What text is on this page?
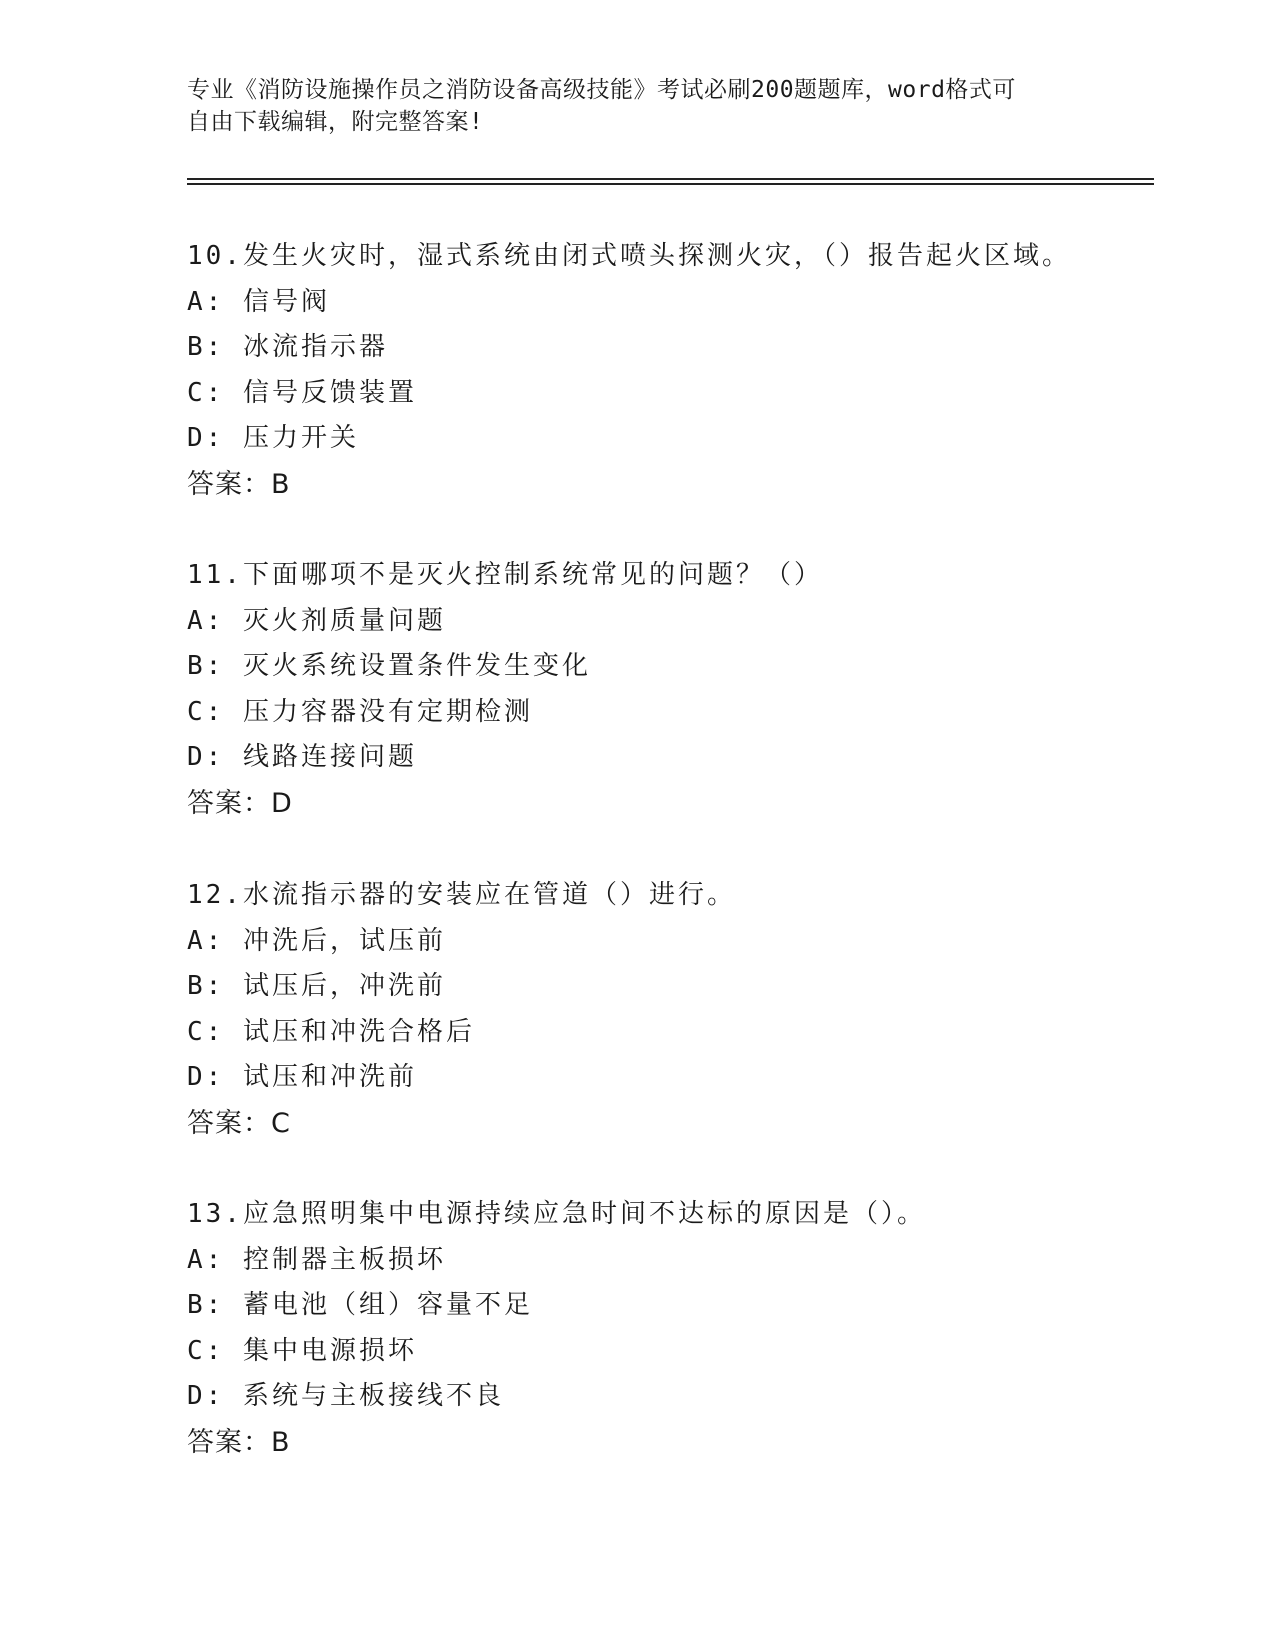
专业《消防设施操作员之消防设备高级技能》考试必刷200题题库，word格式可
自由下载编辑，附完整答案!
10.发生火灾时，湿式系统由闭式喷头探测火灾，（）报告起火区域。
A: 信号阀
B: 冰流指示器
C: 信号反馈装置
D: 压力开关
答案：B
11.下面哪项不是灭火控制系统常见的问题？（）
A: 灭火剂质量问题
B: 灭火系统设置条件发生变化
C: 压力容器没有定期检测
D: 线路连接问题
答案：D
12.水流指示器的安装应在管道（）进行。
A: 冲洗后，试压前
B: 试压后，冲洗前
C: 试压和冲洗合格后
D: 试压和冲洗前
答案：C
13.应急照明集中电源持续应急时间不达标的原因是（）。
A: 控制器主板损坏
B: 蓄电池（组）容量不足
C: 集中电源损坏
D: 系统与主板接线不良
答案：B
